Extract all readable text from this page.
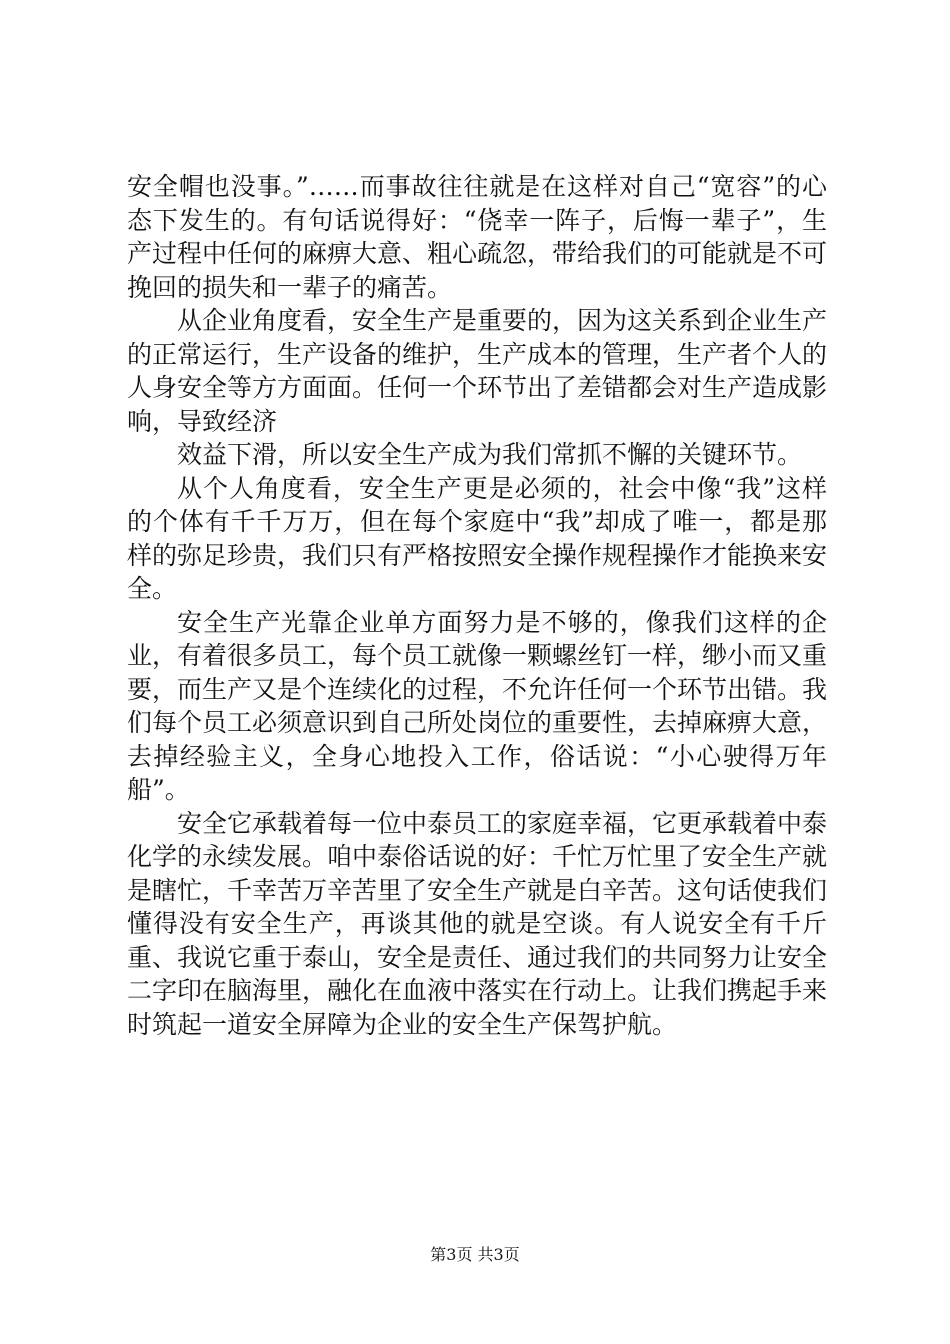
安全帽也没事。”……而事故往往就是在这样对自己“宽容”的心态下发生的。有句话说得好：“侥幸一阵子，后悔一辈子”，生产过程中任何的麻痹大意、粗心疏忽，带给我们的可能就是不可挽回的损失和一辈子的痛苦。

从企业角度看，安全生产是重要的，因为这关系到企业生产的正常运行，生产设备的维护，生产成本的管理，生产者个人的人身安全等方方面面。任何一个环节出了差错都会对生产造成影响，导致经济

效益下滑，所以安全生产成为我们常抓不懈的关键环节。

从个人角度看，安全生产更是必须的，社会中像“我”这样的个体有千千万万，但在每个家庭中“我”却成了唯一，都是那样的弥足珍贵，我们只有严格按照安全操作规程操作才能换来安全。

安全生产光靠企业单方面努力是不够的，像我们这样的企业，有着很多员工，每个员工就像一颗螺丝钉一样，缈小而又重要，而生产又是个连续化的过程，不允许任何一个环节出错。我们每个员工必须意识到自己所处岗位的重要性，去掉麻痹大意，去掉经验主义，全身心地投入工作，俗话说：“小心驶得万年船”。

安全它承载着每一位中泰员工的家庭幸福，它更承载着中泰化学的永续发展。咱中泰俗话说的好：千忙万忙里了安全生产就是瞎忙，千幸苦万辛苦里了安全生产就是白辛苦。这句话使我们懂得没有安全生产，再谈其他的就是空谈。有人说安全有千斤重、我说它重于泰山，安全是责任、通过我们的共同努力让安全二字印在脑海里，融化在血液中落实在行动上。让我们携起手来时筑起一道安全屏障为企业的安全生产保驾护航。

第3页 共3页
